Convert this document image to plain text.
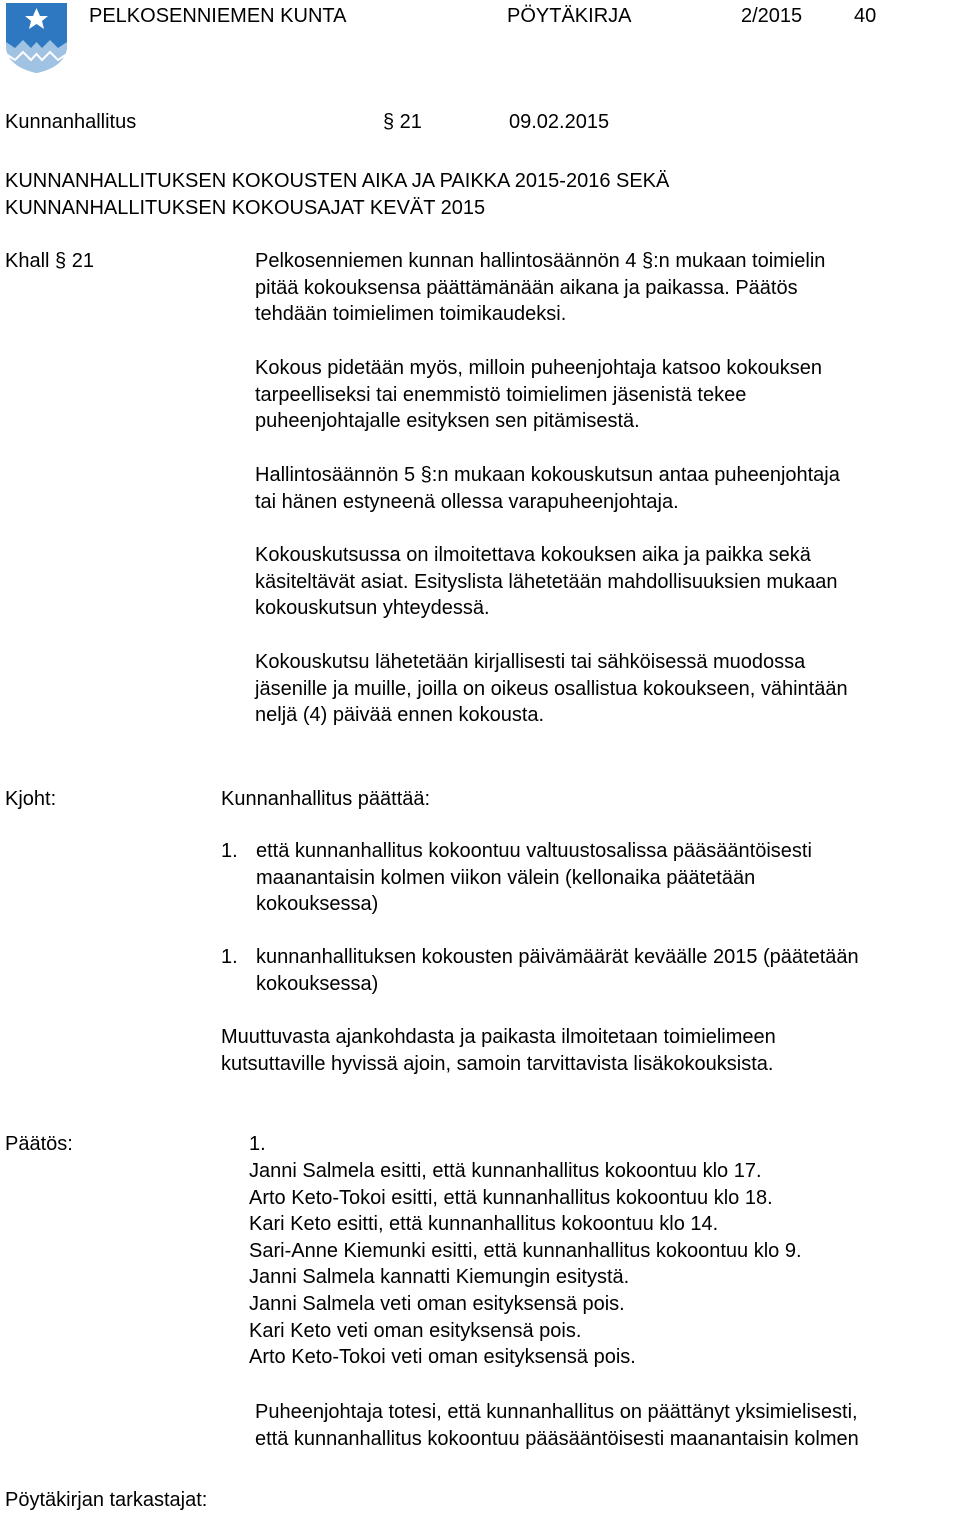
PELKOSENNIEMEN KUNTA	PÖYTÄKIRJA	2/2015	40
Kunnanhallitus	§ 21	09.02.2015
KUNNANHALLITUKSEN KOKOUSTEN AIKA JA PAIKKA 2015-2016 SEKÄ
KUNNANHALLITUKSEN KOKOUSAJAT KEVÄT 2015
Khall § 21	Pelkosenniemen kunnan hallintosäännön 4 §:n mukaan toimielin
pitää kokouksensa päättämänään aikana ja paikassa. Päätös
tehdään toimielimen toimikaudeksi.
Kokous pidetään myös, milloin puheenjohtaja katsoo kokouksen
tarpeelliseksi tai enemmistö toimielimen jäsenistä tekee
puheenjohtajalle esityksen sen pitämisestä.
Hallintosäännön 5 §:n mukaan kokouskutsun antaa puheenjohtaja
tai hänen estyneenä ollessa varapuheenjohtaja.
Kokouskutsussa on ilmoitettava kokouksen aika ja paikka sekä
käsiteltävät asiat. Esityslista lähetetään mahdollisuuksien mukaan
kokouskutsun yhteydessä.
Kokouskutsu lähetetään kirjallisesti tai sähköisessä muodossa
jäsenille ja muille, joilla on oikeus osallistua kokoukseen, vähintään
neljä (4) päivää ennen kokousta.
Kjoht:	Kunnanhallitus päättää:
1. että kunnanhallitus kokoontuu valtuustosalissa pääsääntöisesti
maanantaisin kolmen viikon välein (kellonaika päätetään
kokouksessa)
1. kunnanhallituksen kokousten päivämäärät keväälle 2015 (päätetään
kokouksessa)
Muuttuvasta ajankohdasta ja paikasta ilmoitetaan toimielimeen
kutsuttaville hyvissä ajoin, samoin tarvittavista lisäkokouksista.
Päätös:	1.
Janni Salmela esitti, että kunnanhallitus kokoontuu klo 17.
Arto Keto-Tokoi esitti, että kunnanhallitus kokoontuu klo 18.
Kari Keto esitti, että kunnanhallitus kokoontuu klo 14.
Sari-Anne Kiemunki esitti, että kunnanhallitus kokoontuu klo 9.
Janni Salmela kannatti Kiemungin esitystä.
Janni Salmela veti oman esityksensä pois.
Kari Keto veti oman esityksensä pois.
Arto Keto-Tokoi veti oman esityksensä pois.
Puheenjohtaja totesi, että kunnanhallitus on päättänyt yksimielisesti,
että kunnanhallitus kokoontuu pääsääntöisesti maanantaisin kolmen
Pöytäkirjan tarkastajat:
